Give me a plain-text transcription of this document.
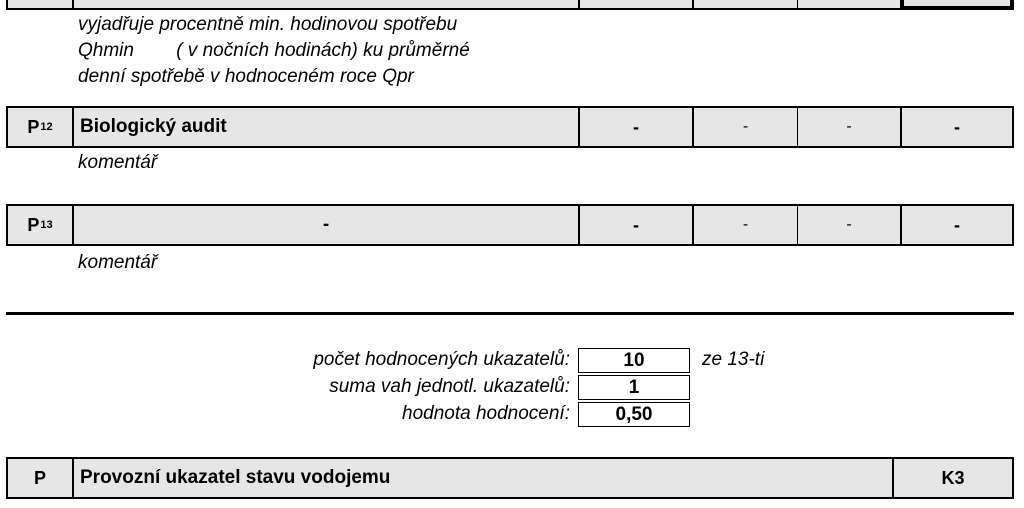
vyjadřuje procentně min. hodinovou spotřebu
Qhmin        ( v nočních hodinách) ku průměrné
denní spotřebě v hodnoceném roce Qpr
P 12	Biologický audit	-	-	-	-
komentář
P 13	-	-	-	-	-
komentář
počet hodnocených ukazatelů:	10	ze 13-ti
suma vah jednotl. ukazatelů:	1
hodnota hodnocení:	0,50
P	Provozní ukazatel stavu vodojemu	K3
